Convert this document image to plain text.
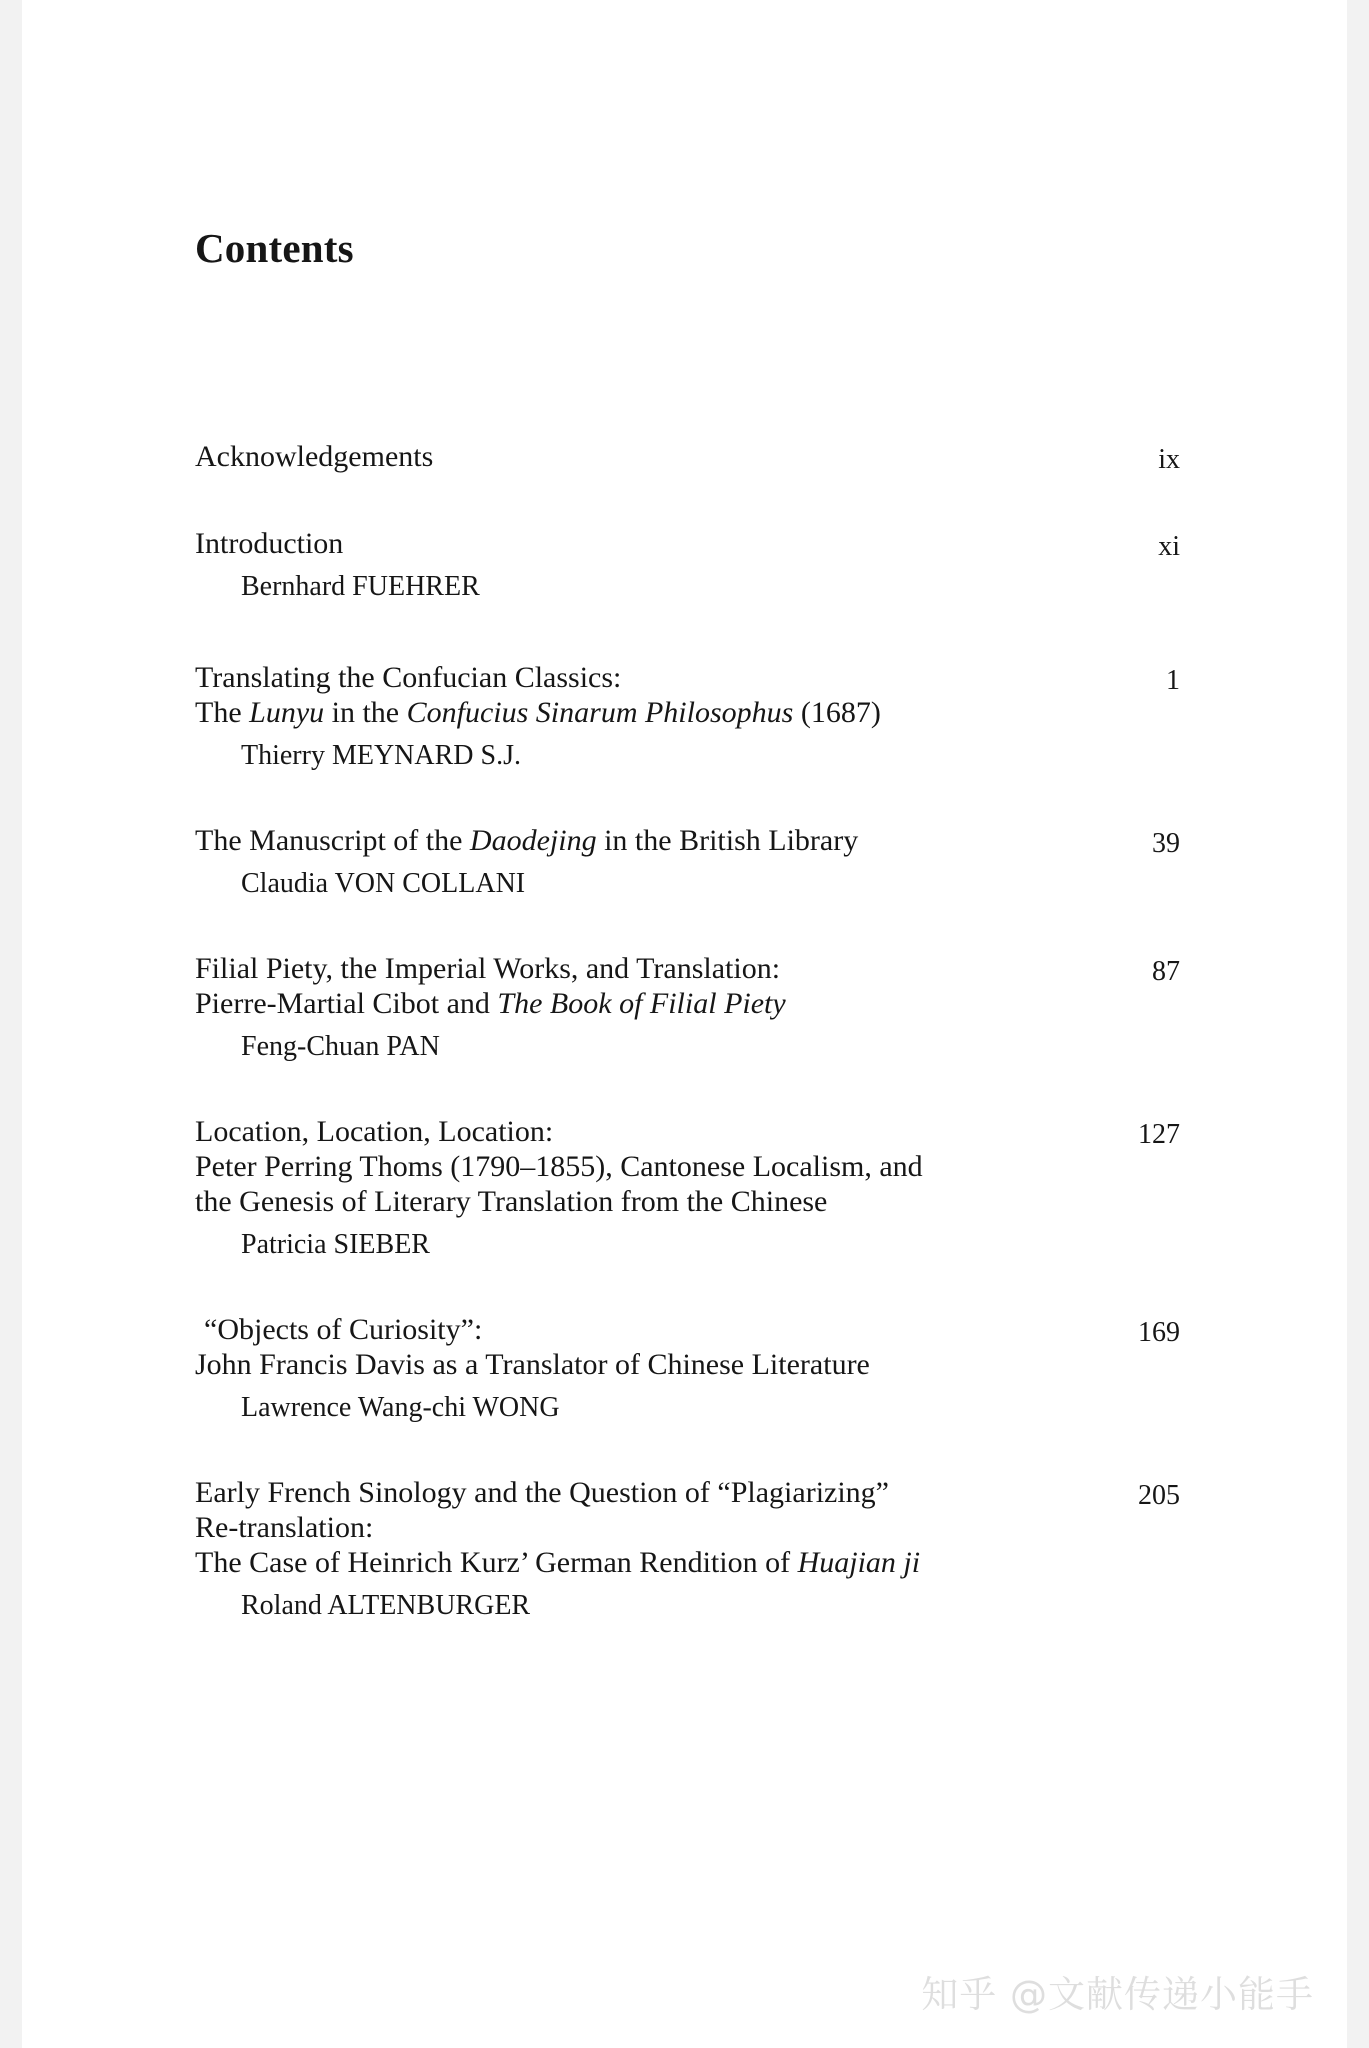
Contents
Acknowledgements	ix
Introduction
Bernhard FUEHRER
xi
Translating the Confucian Classics:
The Lunyu in the Confucius Sinarum Philosophus (1687)
Thierry MEYNARD S.J.
1
The Manuscript of the Daodejing in the British Library
Claudia VON COLLANI
39
Filial Piety, the Imperial Works, and Translation:
Pierre-Martial Cibot and The Book of Filial Piety
Feng-Chuan PAN
87
Location, Location, Location:
Peter Perring Thoms (1790–1855), Cantonese Localism, and
the Genesis of Literary Translation from the Chinese
Patricia SIEBER
127
“Objects of Curiosity”:
John Francis Davis as a Translator of Chinese Literature
Lawrence Wang-chi WONG
169
Early French Sinology and the Question of “Plagiarizing”
Re-translation:
The Case of Heinrich Kurz’ German Rendition of Huajian ji
Roland ALTENBURGER
205
知乎 @文献传递小能手
